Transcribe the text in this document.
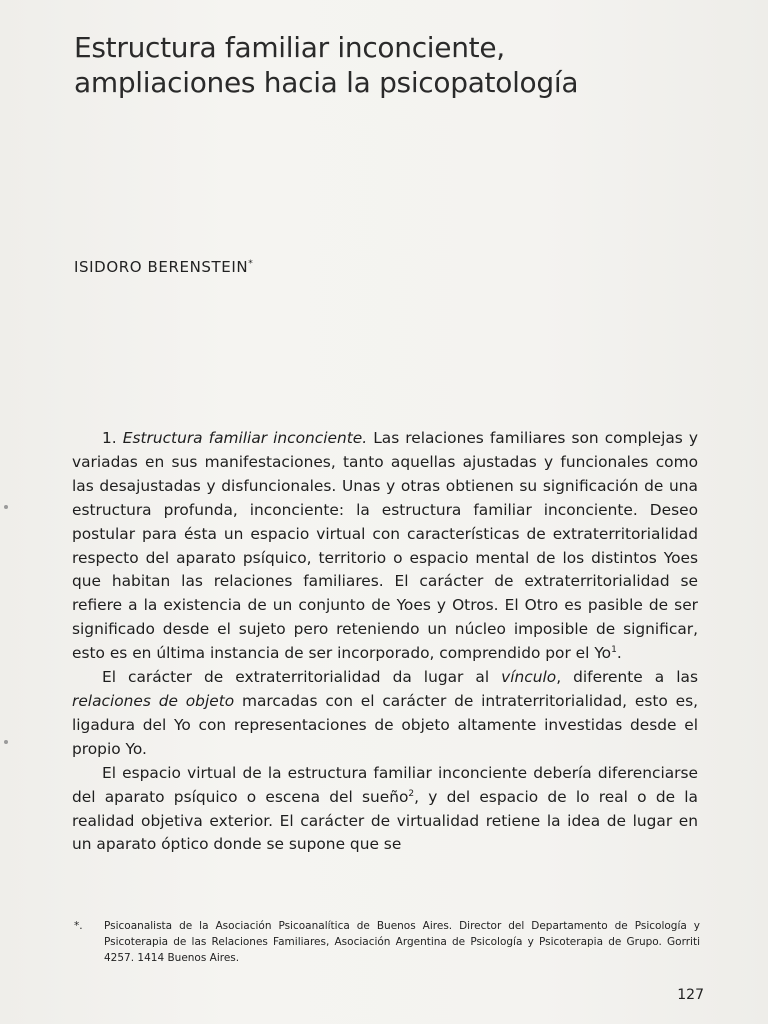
Estructura familiar inconciente,
ampliaciones hacia la psicopatología
ISIDORO BERENSTEIN*

1. Estructura familiar inconciente. Las relaciones familiares son complejas y variadas en sus manifestaciones, tanto aquellas ajustadas y funcionales como las desajustadas y disfuncionales. Unas y otras obtienen su significación de una estructura profunda, inconciente: la estructura familiar inconciente. Deseo postular para ésta un espacio virtual con características de extraterritorialidad respecto del aparato psíquico, territorio o espacio mental de los distintos Yoes que habitan las relaciones familiares. El carácter de extraterritorialidad se refiere a la existencia de un conjunto de Yoes y Otros. El Otro es pasible de ser significado desde el sujeto pero reteniendo un núcleo imposible de significar, esto es en última instancia de ser incorporado, comprendido por el Yo$^1$.

El carácter de extraterritorialidad da lugar al vínculo, diferente a las relaciones de objeto marcadas con el carácter de intraterritorialidad, esto es, ligadura del Yo con representaciones de objeto altamente investidas desde el propio Yo.

El espacio virtual de la estructura familiar inconciente debería diferenciarse del aparato psíquico o escena del sueño$^2$, y del espacio de lo real o de la realidad objetiva exterior. El carácter de virtualidad retiene la idea de lugar en un aparato óptico donde se supone que se

*.	Psicoanalista de la Asociación Psicoanalítica de Buenos Aires. Director del Departamento de Psicología y Psicoterapia de las Relaciones Familiares, Asociación Argentina de Psicología y Psicoterapia de Grupo. Gorriti 4257. 1414 Buenos Aires.
127
